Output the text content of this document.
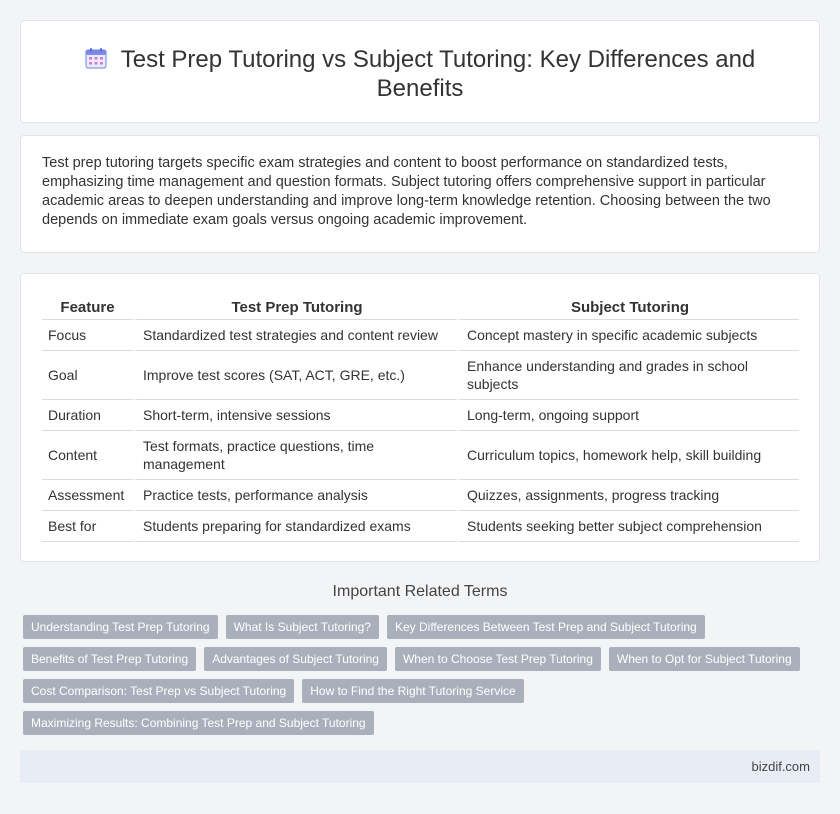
Test Prep Tutoring vs Subject Tutoring: Key Differences and Benefits

Test prep tutoring targets specific exam strategies and content to boost performance on standardized tests, emphasizing time management and question formats. Subject tutoring offers comprehensive support in particular academic areas to deepen understanding and improve long-term knowledge retention. Choosing between the two depends on immediate exam goals versus ongoing academic improvement.

Feature	Test Prep Tutoring	Subject Tutoring
Focus	Standardized test strategies and content review	Concept mastery in specific academic subjects
Goal	Improve test scores (SAT, ACT, GRE, etc.)	Enhance understanding and grades in school subjects
Duration	Short-term, intensive sessions	Long-term, ongoing support
Content	Test formats, practice questions, time management	Curriculum topics, homework help, skill building
Assessment	Practice tests, performance analysis	Quizzes, assignments, progress tracking
Best for	Students preparing for standardized exams	Students seeking better subject comprehension
Important Related Terms
Understanding Test Prep Tutoring	What Is Subject Tutoring?	Key Differences Between Test Prep and Subject Tutoring
Benefits of Test Prep Tutoring	Advantages of Subject Tutoring	When to Choose Test Prep Tutoring	When to Opt for Subject Tutoring
Cost Comparison: Test Prep vs Subject Tutoring	How to Find the Right Tutoring Service
Maximizing Results: Combining Test Prep and Subject Tutoring
bizdif.com
